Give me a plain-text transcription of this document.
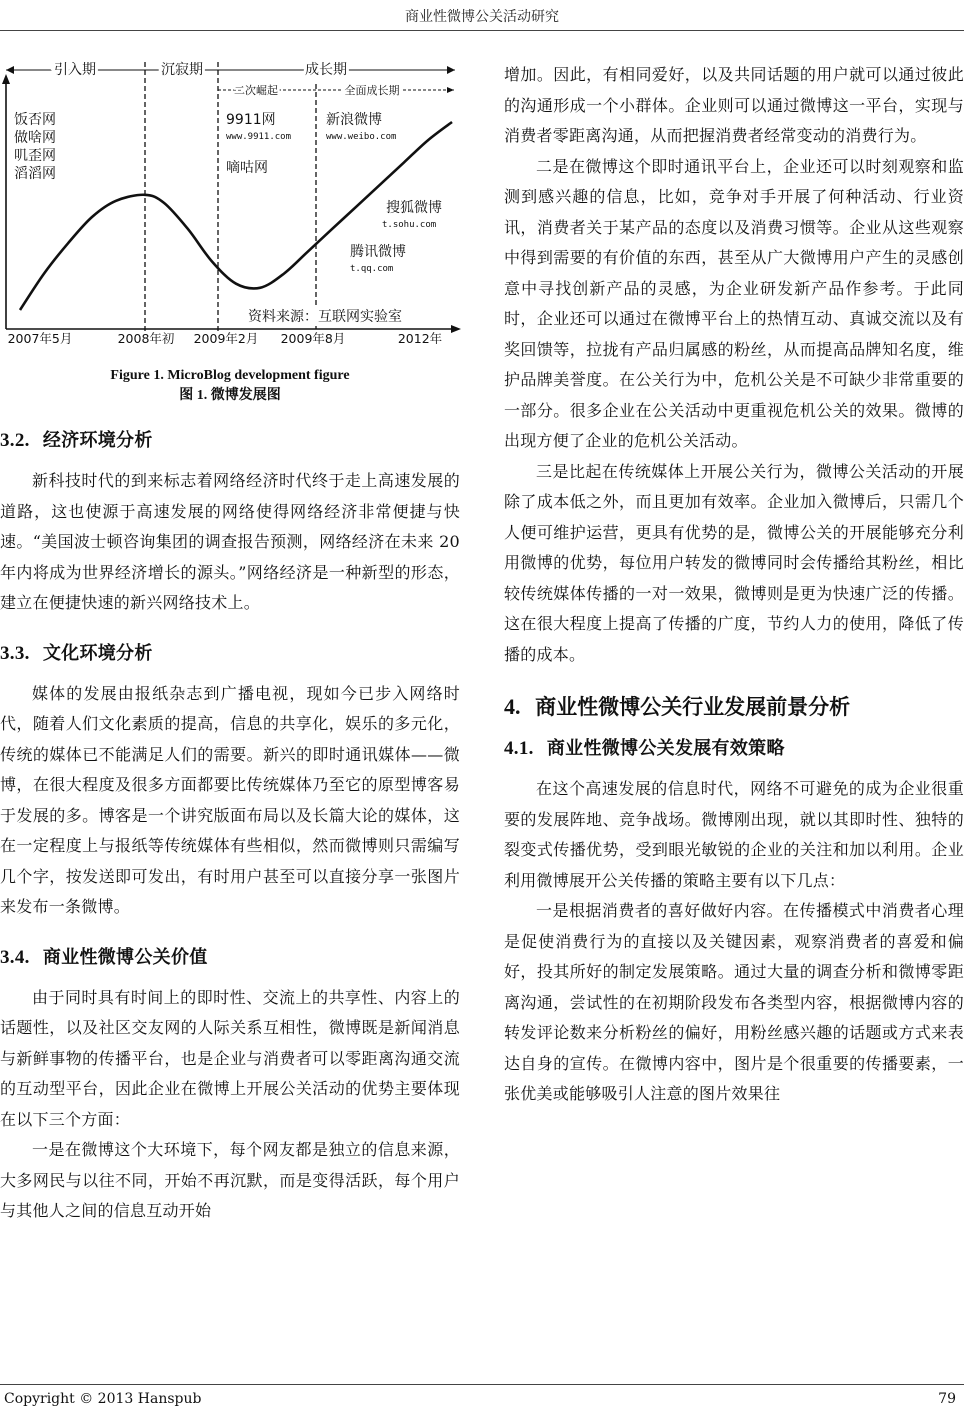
商业性微博公关活动研究
引入期	沉寂期	成长期
二次崛起	全面成长期
饭否网
做啥网
叽歪网
滔滔网
9911网
www.9911.com
嘀咕网
新浪微博
www.weibo.com
搜狐微博
t.sohu.com
腾讯微博
t.qq.com
资料来源：互联网实验室
2007年5月	2008年初 2009年2月 2009年8月	2012年
Figure 1. MicroBlog development figure
图 1. 微博发展图
3.2. 经济环境分析

新科技时代的到来标志着网络经济时代终于走上高速发展的道路，这也使源于高速发展的网络使得网络经济非常便捷与快速。“美国波士顿咨询集团的调查报告预测，网络经济在未来 20 年内将成为世界经济增长的源头。”网络经济是一种新型的形态，建立在便捷快速的新兴网络技术上。

3.3. 文化环境分析

媒体的发展由报纸杂志到广播电视，现如今已步入网络时代，随着人们文化素质的提高，信息的共享化，娱乐的多元化，传统的媒体已不能满足人们的需要。新兴的即时通讯媒体——微博，在很大程度及很多方面都要比传统媒体乃至它的原型博客易于发展的多。博客是一个讲究版面布局以及长篇大论的媒体，这在一定程度上与报纸等传统媒体有些相似，然而微博则只需编写几个字，按发送即可发出，有时用户甚至可以直接分享一张图片来发布一条微博。

3.4. 商业性微博公关价值

由于同时具有时间上的即时性、交流上的共享性、内容上的话题性，以及社区交友网的人际关系互相性，微博既是新闻消息与新鲜事物的传播平台，也是企业与消费者可以零距离沟通交流的互动型平台，因此企业在微博上开展公关活动的优势主要体现在以下三个方面：

一是在微博这个大环境下，每个网友都是独立的信息来源，大多网民与以往不同，开始不再沉默，而是变得活跃，每个用户与其他人之间的信息互动开始

增加。因此，有相同爱好，以及共同话题的用户就可以通过彼此的沟通形成一个小群体。企业则可以通过微博这一平台，实现与消费者零距离沟通，从而把握消费者经常变动的消费行为。

二是在微博这个即时通讯平台上，企业还可以时刻观察和监测到感兴趣的信息，比如，竞争对手开展了何种活动、行业资讯，消费者关于某产品的态度以及消费习惯等。企业从这些观察中得到需要的有价值的东西，甚至从广大微博用户产生的灵感创意中寻找创新产品的灵感，为企业研发新产品作参考。于此同时，企业还可以通过在微博平台上的热情互动、真诚交流以及有奖回馈等，拉拢有产品归属感的粉丝，从而提高品牌知名度，维护品牌美誉度。在公关行为中，危机公关是不可缺少非常重要的一部分。很多企业在公关活动中更重视危机公关的效果。微博的出现方便了企业的危机公关活动。

三是比起在传统媒体上开展公关行为，微博公关活动的开展除了成本低之外，而且更加有效率。企业加入微博后，只需几个人便可维护运营，更具有优势的是，微博公关的开展能够充分利用微博的优势，每位用户转发的微博同时会传播给其粉丝，相比较传统媒体传播的一对一效果，微博则是更为快速广泛的传播。这在很大程度上提高了传播的广度，节约人力的使用，降低了传播的成本。

4. 商业性微博公关行业发展前景分析
4.1. 商业性微博公关发展有效策略

在这个高速发展的信息时代，网络不可避免的成为企业很重要的发展阵地、竞争战场。微博刚出现，就以其即时性、独特的裂变式传播优势，受到眼光敏锐的企业的关注和加以利用。企业利用微博展开公关传播的策略主要有以下几点：

一是根据消费者的喜好做好内容。在传播模式中消费者心理是促使消费行为的直接以及关键因素，观察消费者的喜爱和偏好，投其所好的制定发展策略。通过大量的调查分析和微博零距离沟通，尝试性的在初期阶段发布各类型内容，根据微博内容的转发评论数来分析粉丝的偏好，用粉丝感兴趣的话题或方式来表达自身的宣传。在微博内容中，图片是个很重要的传播要素，一张优美或能够吸引人注意的图片效果往

Copyright © 2013 Hanspub	79
